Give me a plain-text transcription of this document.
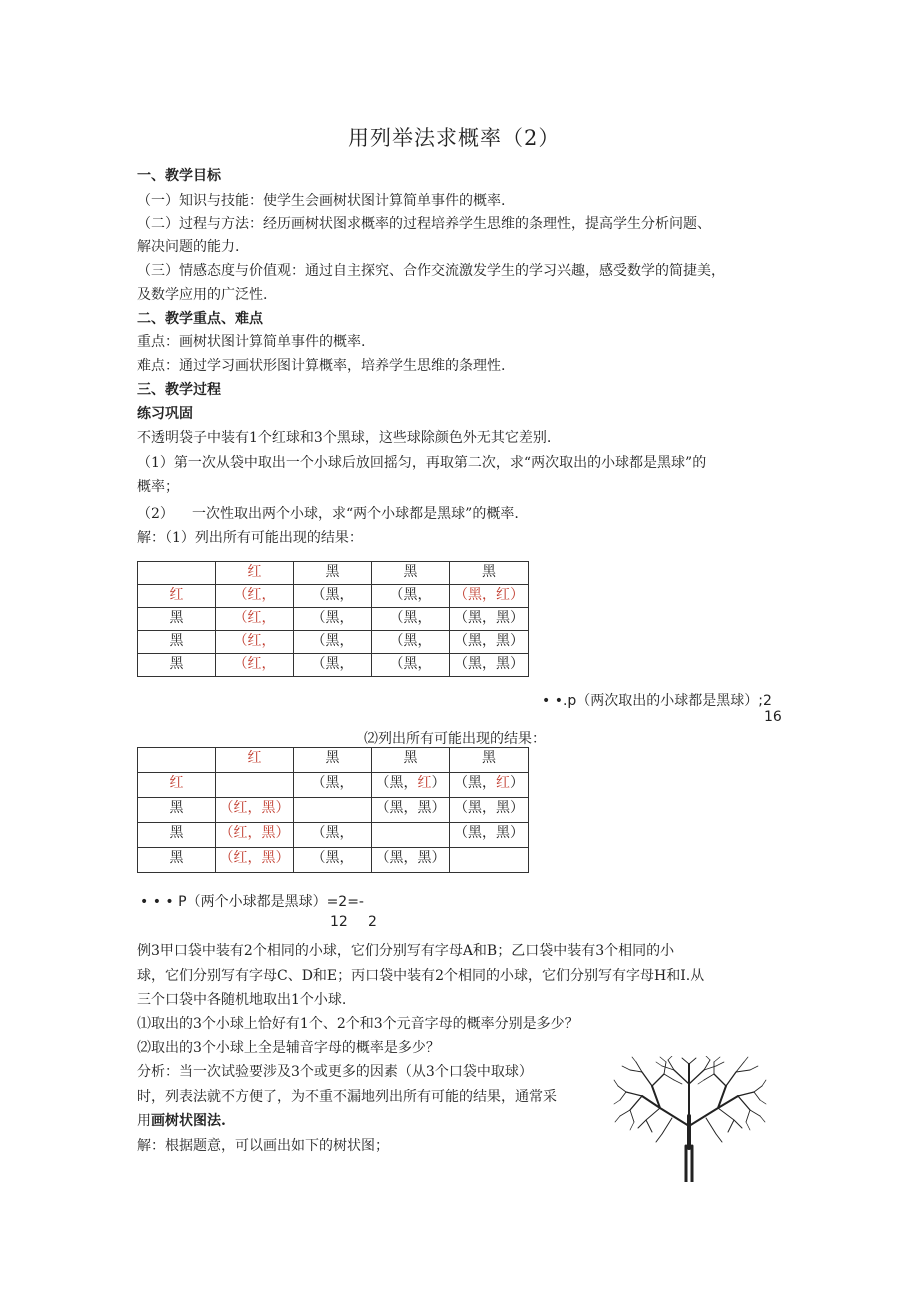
用列举法求概率（2）
一、教学目标
（一）知识与技能：使学生会画树状图计算简单事件的概率.
（二）过程与方法：经历画树状图求概率的过程培养学生思维的条理性，提高学生分析问题、
解决问题的能力.
（三）情感态度与价值观：通过自主探究、合作交流激发学生的学习兴趣，感受数学的简捷美，
及数学应用的广泛性.
二、教学重点、难点
重点：画树状图计算简单事件的概率.
难点：通过学习画状形图计算概率，培养学生思维的条理性.
三、教学过程
练习巩固
不透明袋子中装有1个红球和3个黑球，这些球除颜色外无其它差别.
（1）第一次从袋中取出一个小球后放回摇匀，再取第二次，求“两次取出的小球都是黑球”的
概率；
（2） 一次性取出两个小球，求“两个小球都是黑球”的概率.
解：（1）列出所有可能出现的结果：
	红	黑	黑	黑
红	（红，	（黑，	（黑，	（黑，红）
黑	（红，	（黑，	（黑，	（黑，黑）
黑	（红，	（黑，	（黑，	（黑，黑）
黑	（红，	（黑，	（黑，	（黑，黑）
• •.p（两次取出的小球都是黑球）;2
16
⑵列出所有可能出现的结果：
	红	黑	黑	黑
红		（黑，	（黑，红）	（黑，红）
黑	（红，黑）		（黑，黑）	（黑，黑）
黑	（红，黑）	（黑，		（黑，黑）
黑	（红，黑）	（黑，	（黑，黑）	
• • • P（两个小球都是黑球）=2=-
12 2
例3甲口袋中装有2个相同的小球，它们分别写有字母A和B；乙口袋中装有3个相同的小
球，它们分别写有字母C、D和E；丙口袋中装有2个相同的小球，它们分别写有字母H和I.从
三个口袋中各随机地取出1个小球.
⑴取出的3个小球上恰好有1个、2个和3个元音字母的概率分别是多少？
⑵取出的3个小球上全是辅音字母的概率是多少？
分析：当一次试验要涉及3个或更多的因素（从3个口袋中取球）
时，列表法就不方便了，为不重不漏地列出所有可能的结果，通常采
用画树状图法.
解：根据题意，可以画出如下的树状图；
